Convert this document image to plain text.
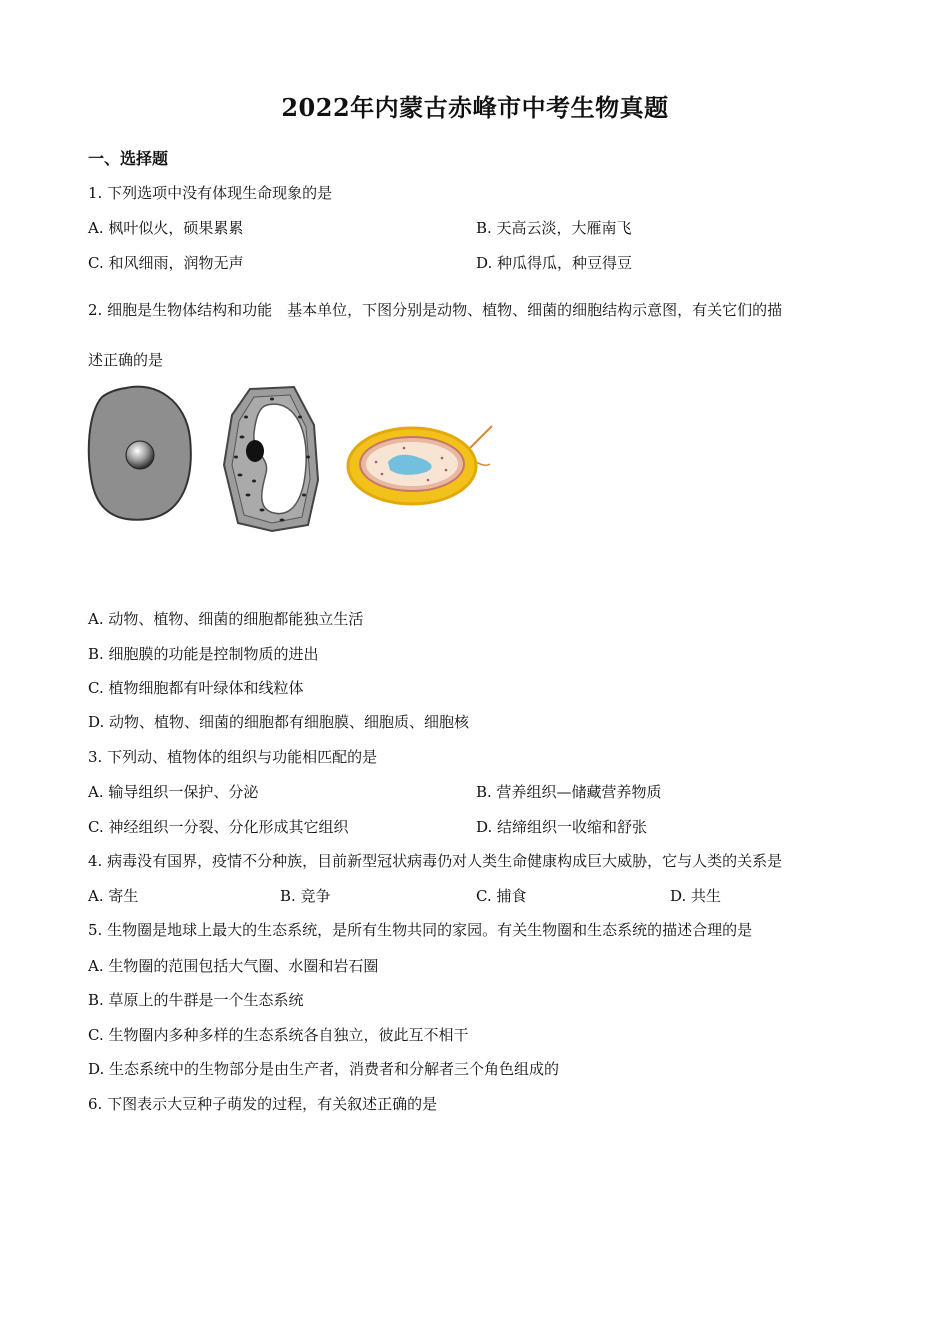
2022年内蒙古赤峰市中考生物真题
一、选择题
1. 下列选项中没有体现生命现象的是
A. 枫叶似火，硕果累累	B. 天高云淡，大雁南飞
C. 和风细雨，润物无声	D. 种瓜得瓜，种豆得豆
2. 细胞是生物体结构和功能　基本单位，下图分别是动物、植物、细菌的细胞结构示意图，有关它们的描
述正确的是
A. 动物、植物、细菌的细胞都能独立生活
B. 细胞膜的功能是控制物质的进出
C. 植物细胞都有叶绿体和线粒体
D. 动物、植物、细菌的细胞都有细胞膜、细胞质、细胞核
3. 下列动、植物体的组织与功能相匹配的是
A. 输导组织一保护、分泌	B. 营养组织—储藏营养物质
C. 神经组织一分裂、分化形成其它组织	D. 结缔组织一收缩和舒张
4. 病毒没有国界，疫情不分种族，目前新型冠状病毒仍对人类生命健康构成巨大威胁，它与人类的关系是
A. 寄生	B. 竞争	C. 捕食	D. 共生
5. 生物圈是地球上最大的生态系统，是所有生物共同的家园。有关生物圈和生态系统的描述合理的是
A. 生物圈的范围包括大气圈、水圈和岩石圈
B. 草原上的牛群是一个生态系统
C. 生物圈内多种多样的生态系统各自独立，彼此互不相干
D. 生态系统中的生物部分是由生产者，消费者和分解者三个角色组成的
6. 下图表示大豆种子萌发的过程，有关叙述正确的是
